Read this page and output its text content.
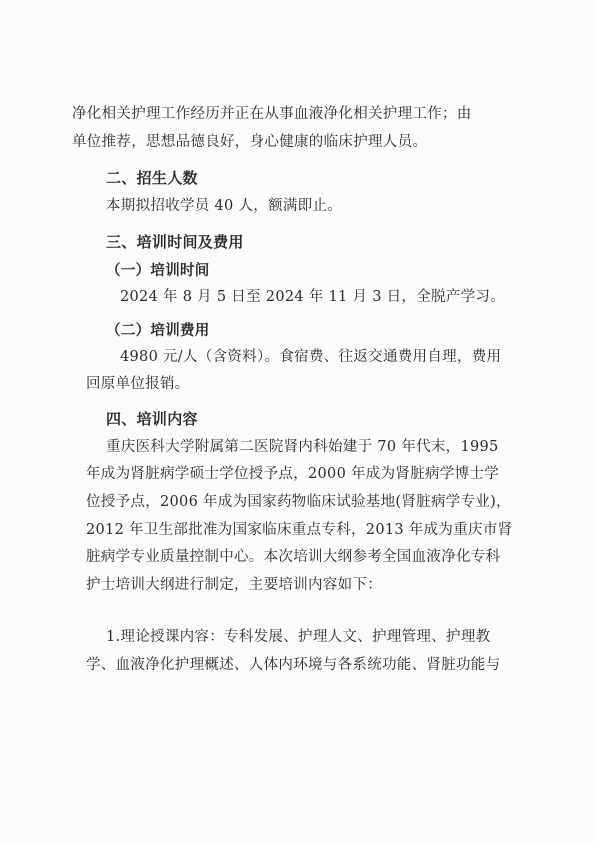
净化相关护理工作经历并正在从事血液净化相关护理工作；由
单位推荐，思想品德良好，身心健康的临床护理人员。
二、招生人数
本期拟招收学员 40 人，额满即止。
三、培训时间及费用
（一）培训时间
2024 年 8 月 5 日至 2024 年 11 月 3 日，全脱产学习。
（二）培训费用
4980 元/人（含资料）。食宿费、往返交通费用自理，费用
回原单位报销。
四、培训内容
重庆医科大学附属第二医院肾内科始建于 70 年代末，1995
年成为肾脏病学硕士学位授予点，2000 年成为肾脏病学博士学
位授予点，2006 年成为国家药物临床试验基地(肾脏病学专业)，
2012 年卫生部批准为国家临床重点专科，2013 年成为重庆市肾
脏病学专业质量控制中心。本次培训大纲参考全国血液净化专科
护士培训大纲进行制定，主要培训内容如下：
1.理论授课内容：专科发展、护理人文、护理管理、护理教
学、血液净化护理概述、人体内环境与各系统功能、肾脏功能与
